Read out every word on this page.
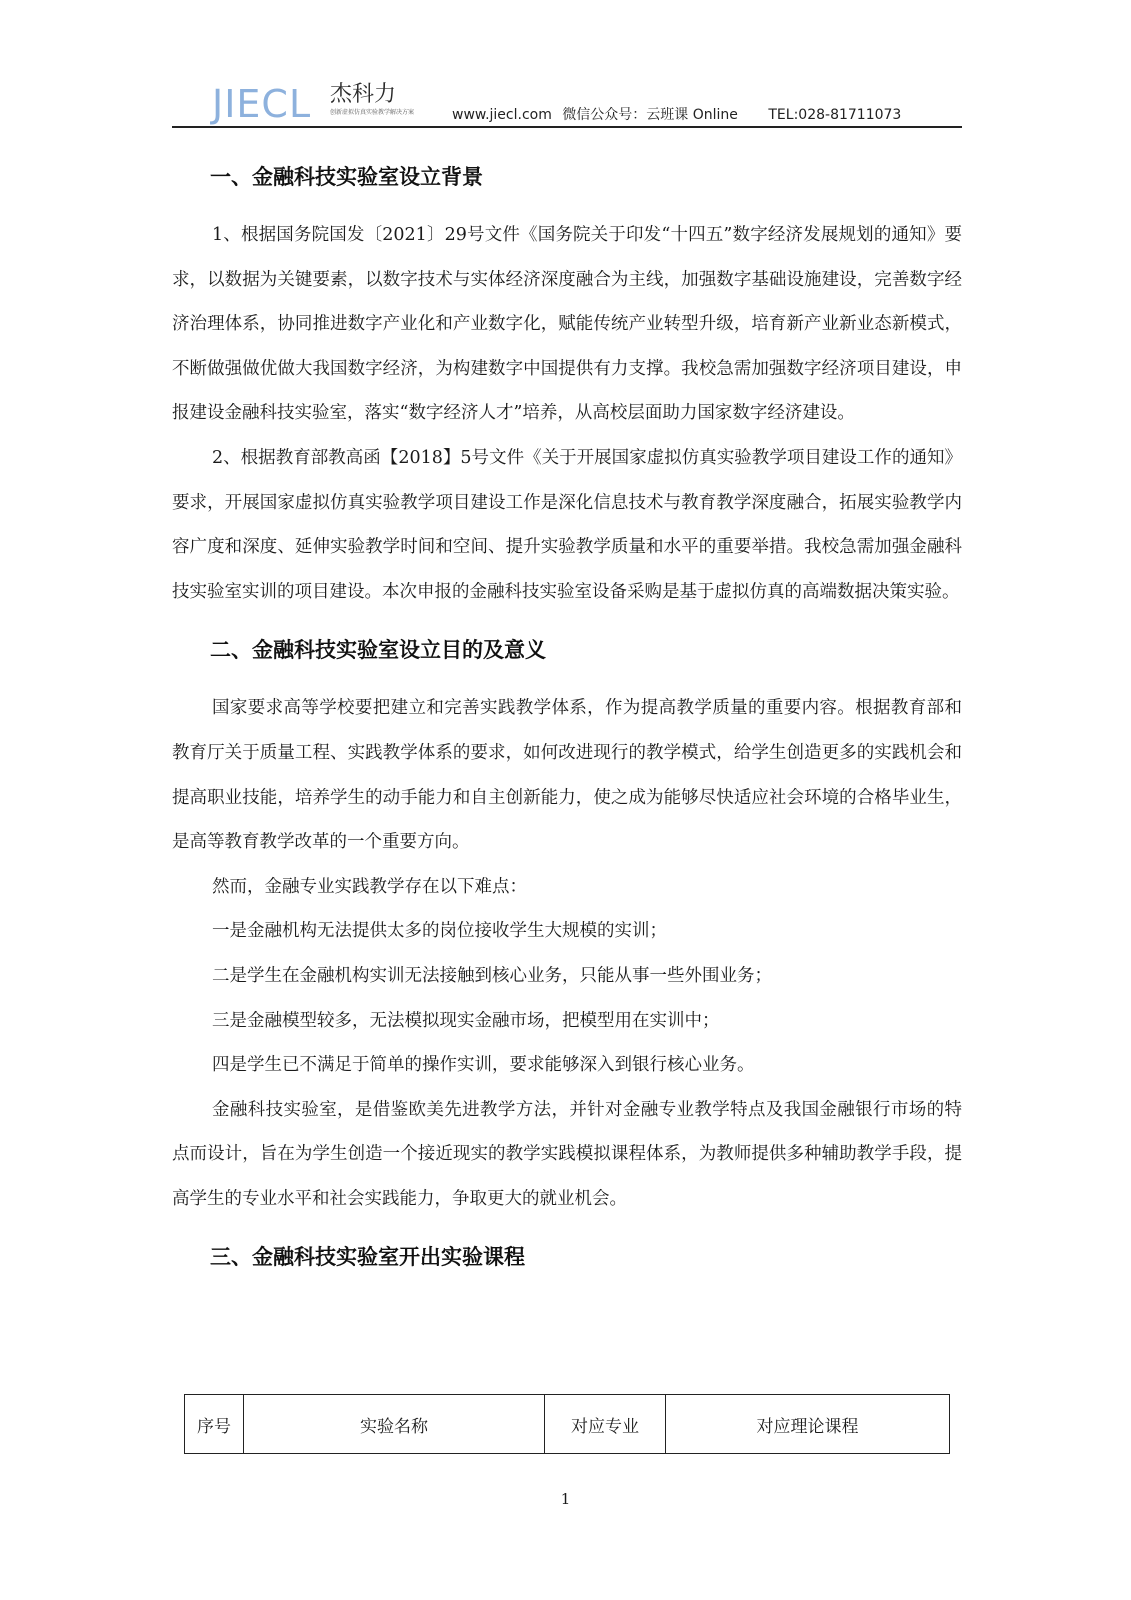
JIECL 杰科力
创新虚拟仿真实验教学解决方案	www.jiecl.com 微信公众号：云班课 Online TEL:028-81711073
一、金融科技实验室设立背景

1、根据国务院国发〔2021〕29号文件《国务院关于印发“十四五”数字经济发展规划的通知》要求，以数据为关键要素，以数字技术与实体经济深度融合为主线，加强数字基础设施建设，完善数字经济治理体系，协同推进数字产业化和产业数字化，赋能传统产业转型升级，培育新产业新业态新模式，不断做强做优做大我国数字经济，为构建数字中国提供有力支撑。我校急需加强数字经济项目建设，申报建设金融科技实验室，落实“数字经济人才”培养，从高校层面助力国家数字经济建设。

2、根据教育部教高函【2018】5号文件《关于开展国家虚拟仿真实验教学项目建设工作的通知》要求，开展国家虚拟仿真实验教学项目建设工作是深化信息技术与教育教学深度融合，拓展实验教学内容广度和深度、延伸实验教学时间和空间、提升实验教学质量和水平的重要举措。我校急需加强金融科技实验室实训的项目建设。本次申报的金融科技实验室设备采购是基于虚拟仿真的高端数据决策实验。

二、金融科技实验室设立目的及意义

国家要求高等学校要把建立和完善实践教学体系，作为提高教学质量的重要内容。根据教育部和教育厅关于质量工程、实践教学体系的要求，如何改进现行的教学模式，给学生创造更多的实践机会和提高职业技能，培养学生的动手能力和自主创新能力，使之成为能够尽快适应社会环境的合格毕业生，是高等教育教学改革的一个重要方向。

然而，金融专业实践教学存在以下难点：

一是金融机构无法提供太多的岗位接收学生大规模的实训；

二是学生在金融机构实训无法接触到核心业务，只能从事一些外围业务；

三是金融模型较多，无法模拟现实金融市场，把模型用在实训中；

四是学生已不满足于简单的操作实训，要求能够深入到银行核心业务。

金融科技实验室，是借鉴欧美先进教学方法，并针对金融专业教学特点及我国金融银行市场的特点而设计，旨在为学生创造一个接近现实的教学实践模拟课程体系，为教师提供多种辅助教学手段，提高学生的专业水平和社会实践能力，争取更大的就业机会。

三、金融科技实验室开出实验课程
序号	实验名称	对应专业	对应理论课程
1
